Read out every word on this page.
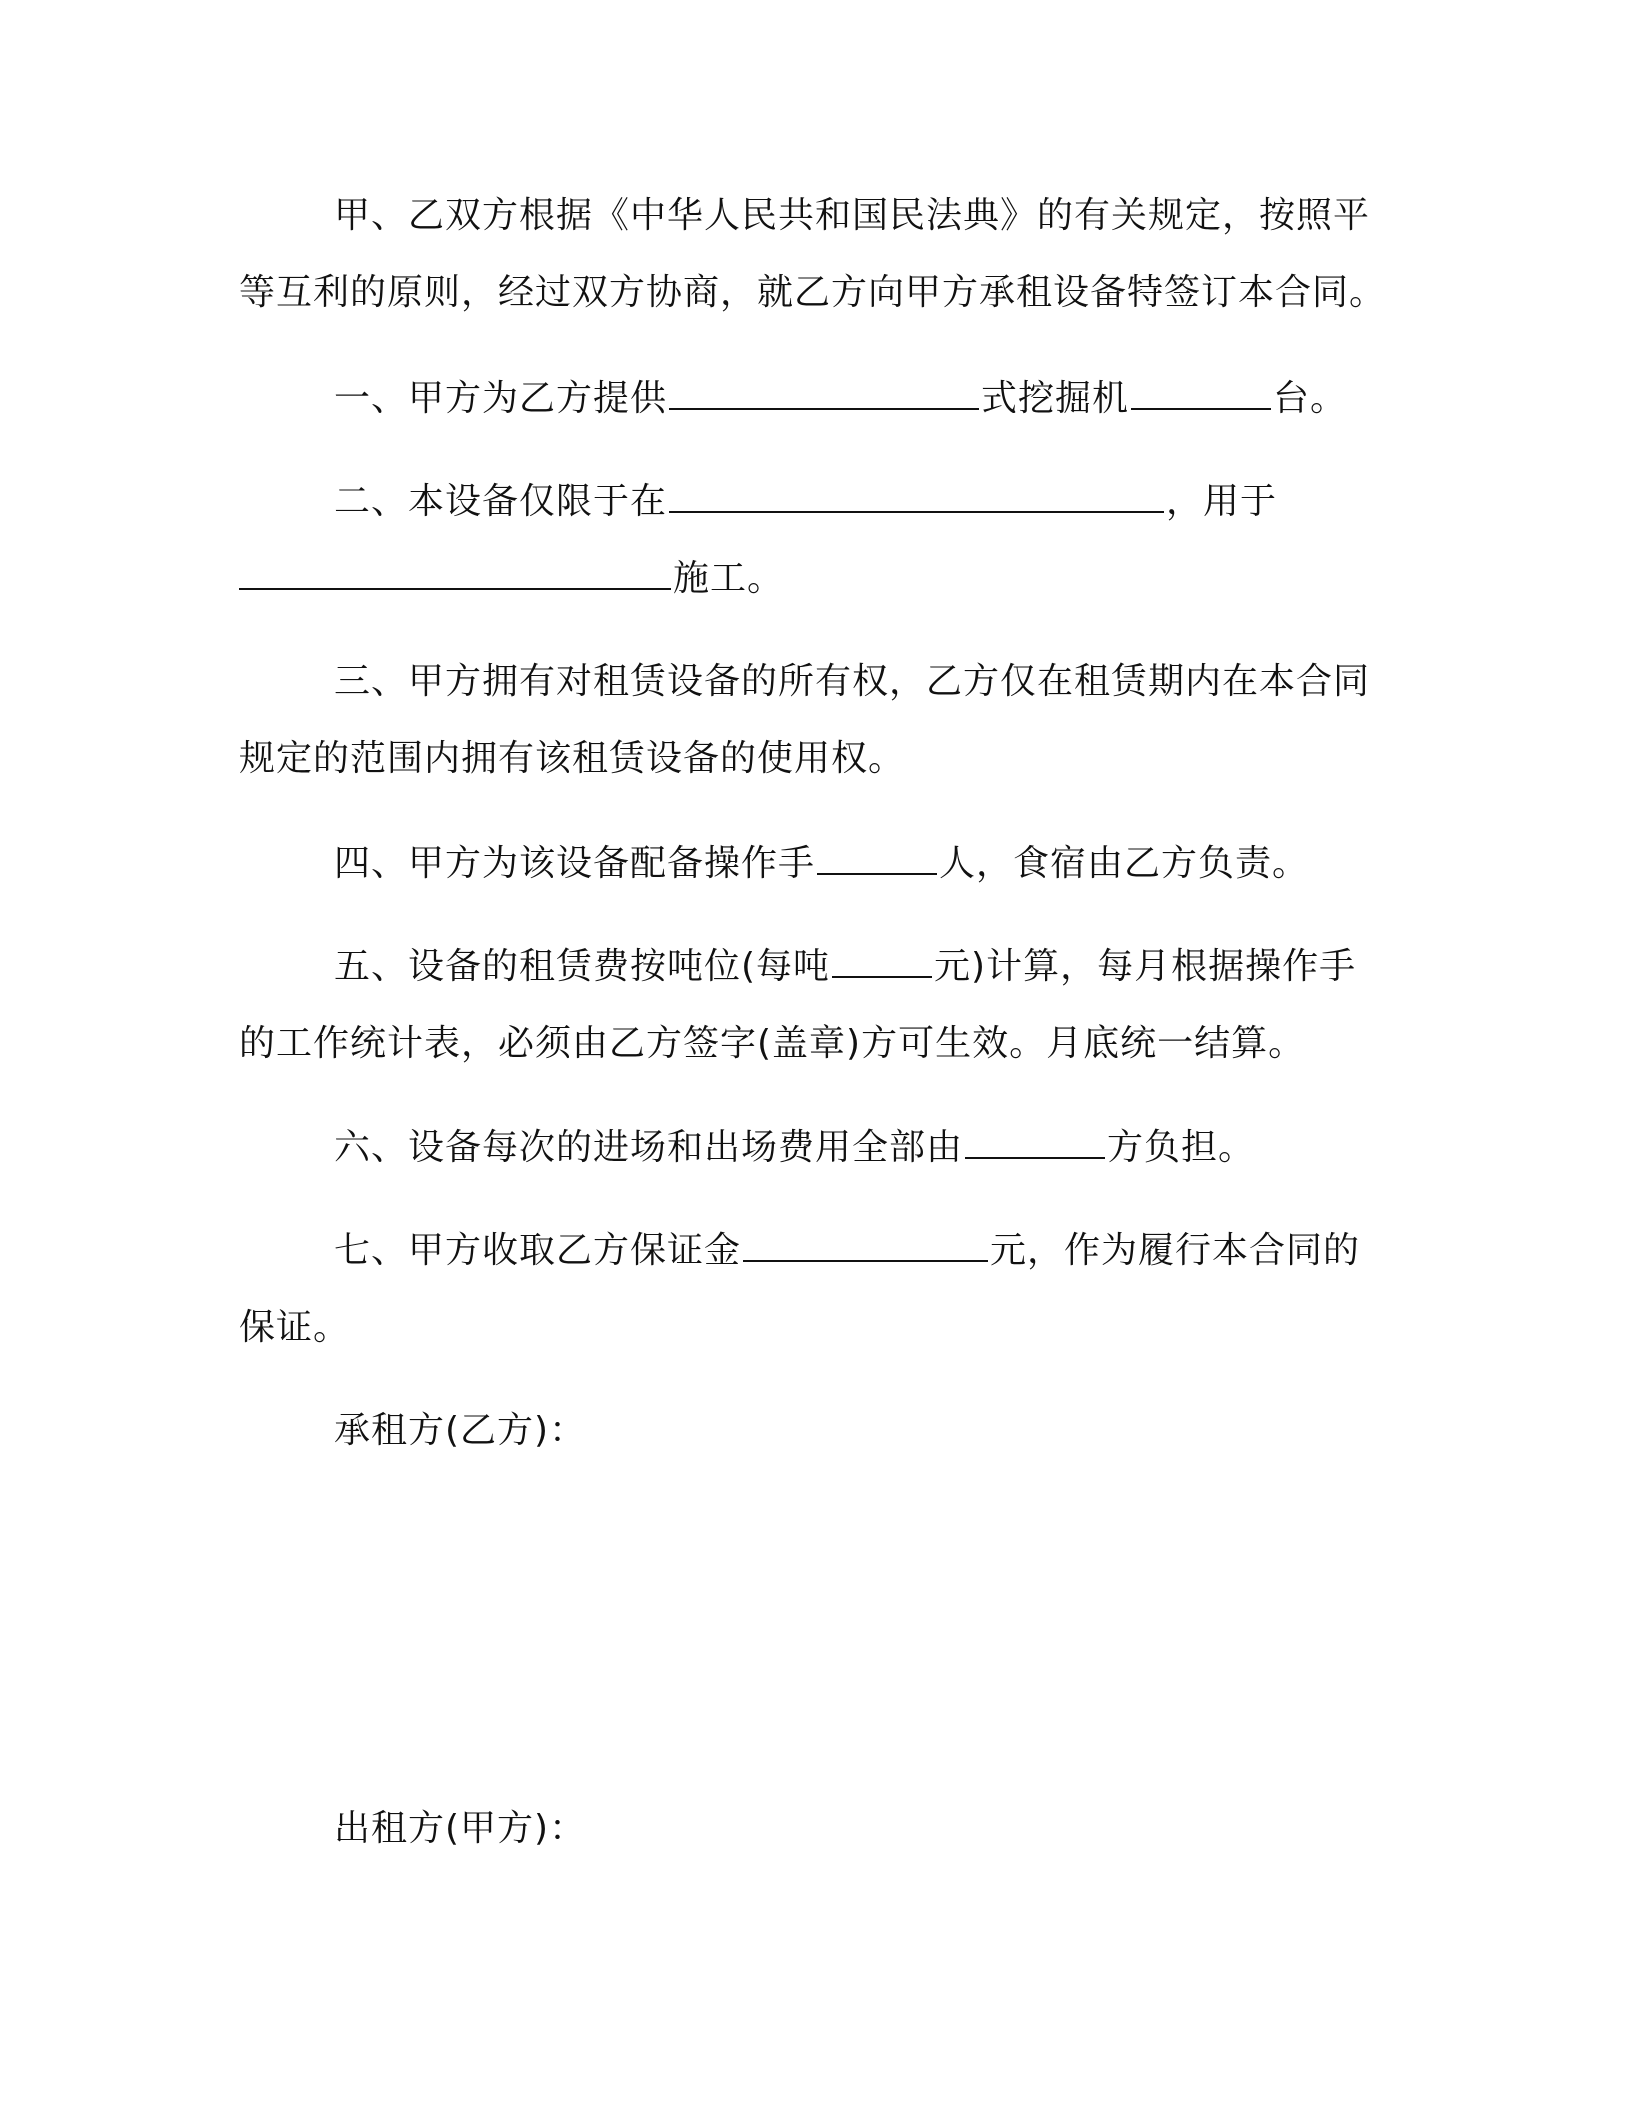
甲、乙双方根据《中华人民共和国民法典》的有关规定，按照平
等互利的原则，经过双方协商，就乙方向甲方承租设备特签订本合同。
一、甲方为乙方提供	式挖掘机	台。
二、本设备仅限于在	，用于
施工。
三、甲方拥有对租赁设备的所有权，乙方仅在租赁期内在本合同
规定的范围内拥有该租赁设备的使用权。
四、甲方为该设备配备操作手	人，食宿由乙方负责。
五、设备的租赁费按吨位(每吨	元)计算，每月根据操作手
的工作统计表，必须由乙方签字(盖章)方可生效。月底统一结算。
六、设备每次的进场和出场费用全部由	方负担。
七、甲方收取乙方保证金	元，作为履行本合同的
保证。
承租方(乙方)：
出租方(甲方)：
